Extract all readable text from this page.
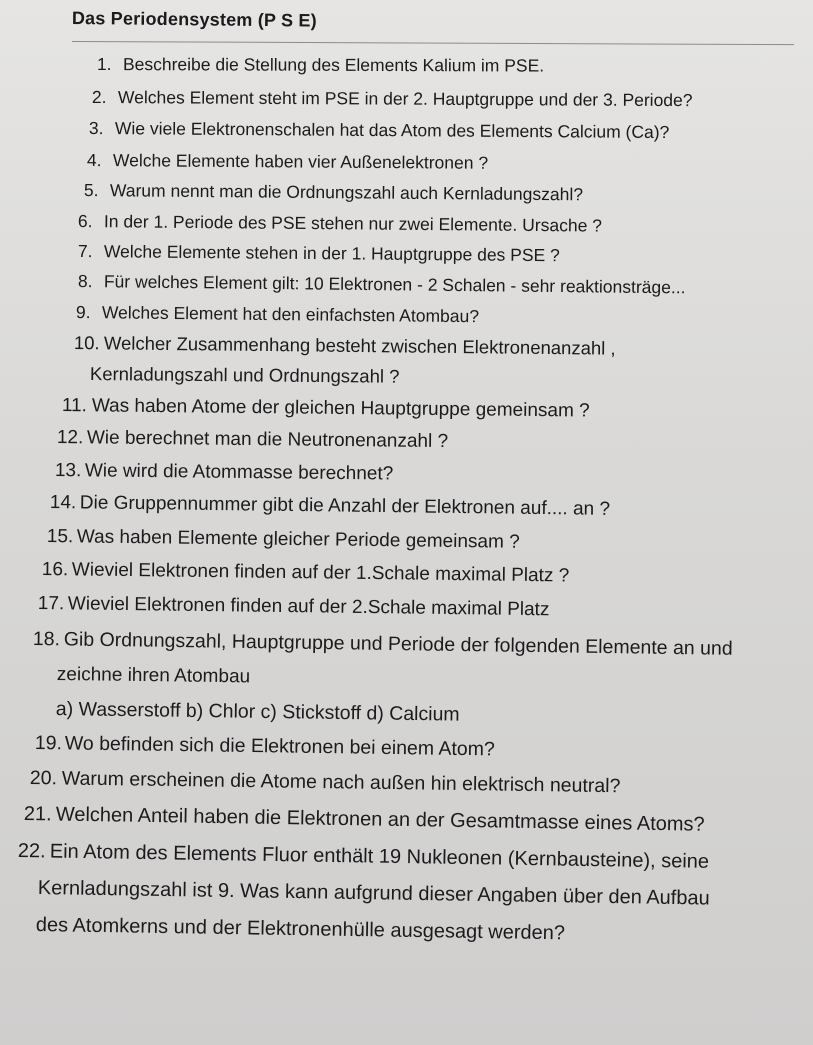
Das Periodensystem (P S E)
1. Beschreibe die Stellung des Elements Kalium im PSE.
2. Welches Element steht im PSE in der 2. Hauptgruppe und der 3. Periode?
3. Wie viele Elektronenschalen hat das Atom des Elements Calcium (Ca)?
4. Welche Elemente haben vier Außenelektronen ?
5. Warum nennt man die Ordnungszahl auch Kernladungszahl?
6. In der 1. Periode des PSE stehen nur zwei Elemente. Ursache ?
7. Welche Elemente stehen in der 1. Hauptgruppe des PSE ?
8. Für welches Element gilt: 10 Elektronen - 2 Schalen - sehr reaktionsträge...
9. Welches Element hat den einfachsten Atombau?
10. Welcher Zusammenhang besteht zwischen Elektronenanzahl ,
Kernladungszahl und Ordnungszahl ?
11. Was haben Atome der gleichen Hauptgruppe gemeinsam ?
12. Wie berechnet man die Neutronenanzahl ?
13. Wie wird die Atommasse berechnet?
14. Die Gruppennummer gibt die Anzahl der Elektronen auf.... an ?
15. Was haben Elemente gleicher Periode gemeinsam ?
16. Wieviel Elektronen finden auf der 1.Schale maximal Platz ?
17. Wieviel Elektronen finden auf der 2.Schale maximal Platz
18. Gib Ordnungszahl, Hauptgruppe und Periode der folgenden Elemente an und
zeichne ihren Atombau
a) Wasserstoff b) Chlor c) Stickstoff d) Calcium
19. Wo befinden sich die Elektronen bei einem Atom?
20. Warum erscheinen die Atome nach außen hin elektrisch neutral?
21. Welchen Anteil haben die Elektronen an der Gesamtmasse eines Atoms?
22. Ein Atom des Elements Fluor enthält 19 Nukleonen (Kernbausteine), seine
Kernladungszahl ist 9. Was kann aufgrund dieser Angaben über den Aufbau
des Atomkerns und der Elektronenhülle ausgesagt werden?
